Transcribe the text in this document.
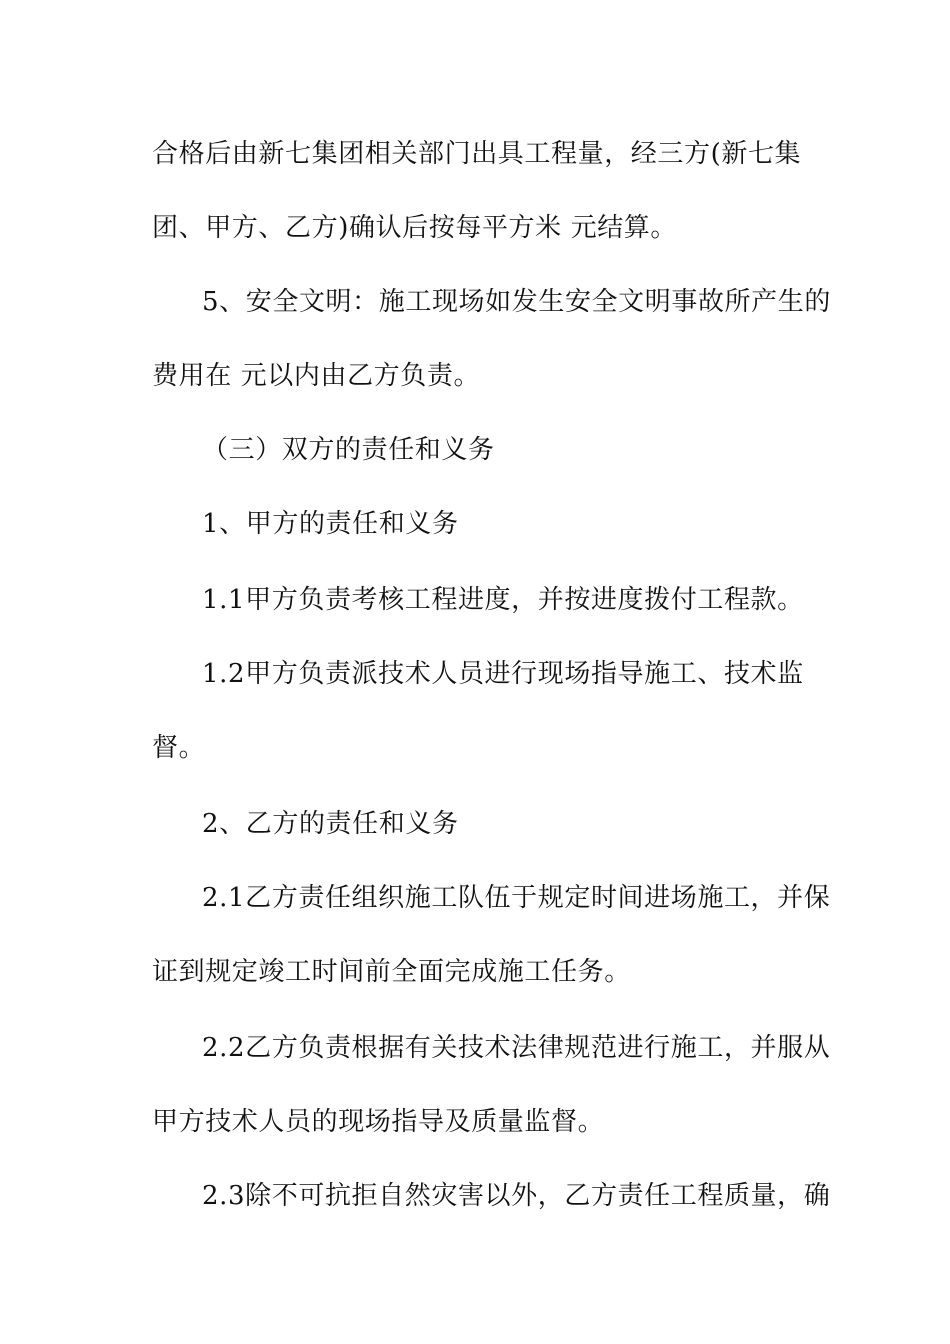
合格后由新七集团相关部门出具工程量，经三方(新七集
团、甲方、乙方)确认后按每平方米 元结算。
5、安全文明：施工现场如发生安全文明事故所产生的
费用在 元以内由乙方负责。
（三）双方的责任和义务
1、甲方的责任和义务
1.1甲方负责考核工程进度，并按进度拨付工程款。
1.2甲方负责派技术人员进行现场指导施工、技术监
督。
2、乙方的责任和义务
2.1乙方责任组织施工队伍于规定时间进场施工，并保
证到规定竣工时间前全面完成施工任务。
2.2乙方负责根据有关技术法律规范进行施工，并服从
甲方技术人员的现场指导及质量监督。
2.3除不可抗拒自然灾害以外，乙方责任工程质量，确
